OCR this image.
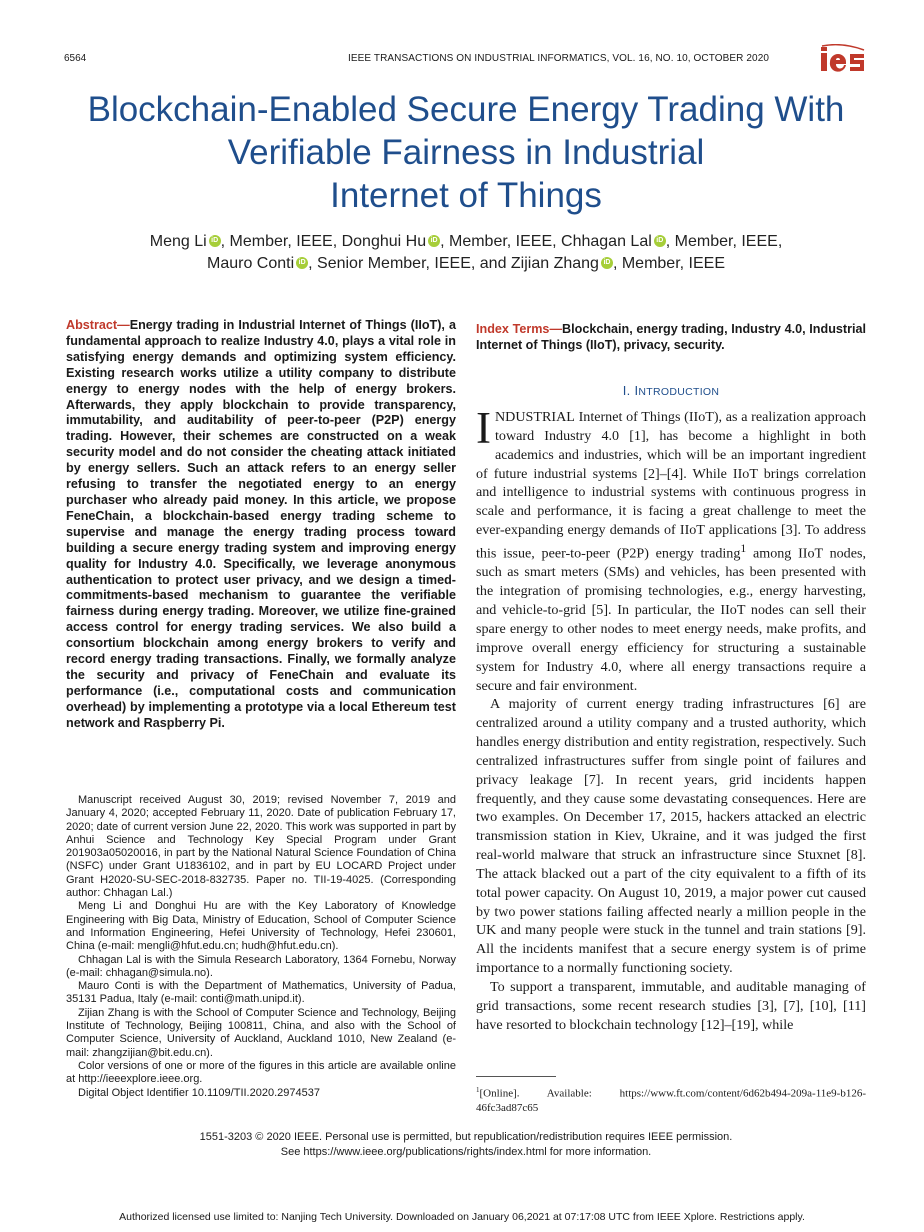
6564	IEEE TRANSACTIONS ON INDUSTRIAL INFORMATICS, VOL. 16, NO. 10, OCTOBER 2020
Blockchain-Enabled Secure Energy Trading With
Verifiable Fairness in Industrial
Internet of Things
Meng Li iD , Member, IEEE, Donghui Hu iD , Member, IEEE, Chhagan Lal iD , Member, IEEE,
Mauro Conti iD , Senior Member, IEEE, and Zijian Zhang iD , Member, IEEE
Abstract—Energy trading in Industrial Internet of Things (IIoT), a fundamental approach to realize Industry 4.0, plays a vital role in satisfying energy demands and optimizing system efficiency. Existing research works utilize a utility company to distribute energy to energy nodes with the help of energy brokers. Afterwards, they apply blockchain to provide transparency, immutability, and auditability of peer-to-peer (P2P) energy trading. However, their schemes are constructed on a weak security model and do not consider the cheating attack initiated by energy sellers. Such an attack refers to an energy seller refusing to transfer the negotiated energy to an energy purchaser who already paid money. In this article, we propose FeneChain, a blockchain-based energy trading scheme to supervise and manage the energy trading process toward building a secure energy trading system and improving energy quality for Industry 4.0. Specifically, we leverage anonymous authentication to protect user privacy, and we design a timed-commitments-based mechanism to guarantee the verifiable fairness during energy trading. Moreover, we utilize fine-grained access control for energy trading services. We also build a consortium blockchain among energy brokers to verify and record energy trading transactions. Finally, we formally analyze the security and privacy of FeneChain and evaluate its performance (i.e., computational costs and communication overhead) by implementing a prototype via a local Ethereum test network and Raspberry Pi.

Manuscript received August 30, 2019; revised November 7, 2019 and January 4, 2020; accepted February 11, 2020. Date of publication February 17, 2020; date of current version June 22, 2020. This work was supported in part by Anhui Science and Technology Key Special Program under Grant 201903a05020016, in part by the National Natural Science Foundation of China (NSFC) under Grant U1836102, and in part by EU LOCARD Project under Grant H2020-SU-SEC-2018-832735. Paper no. TII-19-4025. (Corresponding author: Chhagan Lal.)

Meng Li and Donghui Hu are with the Key Laboratory of Knowledge Engineering with Big Data, Ministry of Education, School of Computer Science and Information Engineering, Hefei University of Technology, Hefei 230601, China (e-mail: mengli@hfut.edu.cn; hudh@hfut.edu.cn).

Chhagan Lal is with the Simula Research Laboratory, 1364 Fornebu, Norway (e-mail: chhagan@simula.no).

Mauro Conti is with the Department of Mathematics, University of Padua, 35131 Padua, Italy (e-mail: conti@math.unipd.it).

Zijian Zhang is with the School of Computer Science and Technology, Beijing Institute of Technology, Beijing 100811, China, and also with the School of Computer Science, University of Auckland, Auckland 1010, New Zealand (e-mail: zhangzijian@bit.edu.cn).

Color versions of one or more of the figures in this article are available online at http://ieeexplore.ieee.org.

Digital Object Identifier 10.1109/TII.2020.2974537

Index Terms—Blockchain, energy trading, Industry 4.0, Industrial Internet of Things (IIoT), privacy, security.
I. INTRODUCTION

INDUSTRIAL Internet of Things (IIoT), as a realization approach toward Industry 4.0 [1], has become a highlight in both academics and industries, which will be an important ingredient of future industrial systems [2]–[4]. While IIoT brings correlation and intelligence to industrial systems with continuous progress in scale and performance, it is facing a great challenge to meet the ever-expanding energy demands of IIoT applications [3]. To address this issue, peer-to-peer (P2P) energy trading$^1$ among IIoT nodes, such as smart meters (SMs) and vehicles, has been presented with the integration of promising technologies, e.g., energy harvesting, and vehicle-to-grid [5]. In particular, the IIoT nodes can sell their spare energy to other nodes to meet energy needs, make profits, and improve overall energy efficiency for structuring a sustainable system for Industry 4.0, where all energy transactions require a secure and fair environment.

A majority of current energy trading infrastructures [6] are centralized around a utility company and a trusted authority, which handles energy distribution and entity registration, respectively. Such centralized infrastructures suffer from single point of failures and privacy leakage [7]. In recent years, grid incidents happen frequently, and they cause some devastating consequences. Here are two examples. On December 17, 2015, hackers attacked an electric transmission station in Kiev, Ukraine, and it was judged the first real-world malware that struck an infrastructure since Stuxnet [8]. The attack blacked out a part of the city equivalent to a fifth of its total power capacity. On August 10, 2019, a major power cut caused by two power stations failing affected nearly a million people in the UK and many people were stuck in the tunnel and train stations [9]. All the incidents manifest that a secure energy system is of prime importance to a normally functioning society.

To support a transparent, immutable, and auditable managing of grid transactions, some recent research studies [3], [7], [10], [11] have resorted to blockchain technology [12]–[19], while

$^1$[Online]. Available: https://www.ft.com/content/6d62b494-209a-11e9-b126-46fc3ad87c65
1551-3203 © 2020 IEEE. Personal use is permitted, but republication/redistribution requires IEEE permission.
See https://www.ieee.org/publications/rights/index.html for more information.
Authorized licensed use limited to: Nanjing Tech University. Downloaded on January 06,2021 at 07:17:08 UTC from IEEE Xplore. Restrictions apply.
